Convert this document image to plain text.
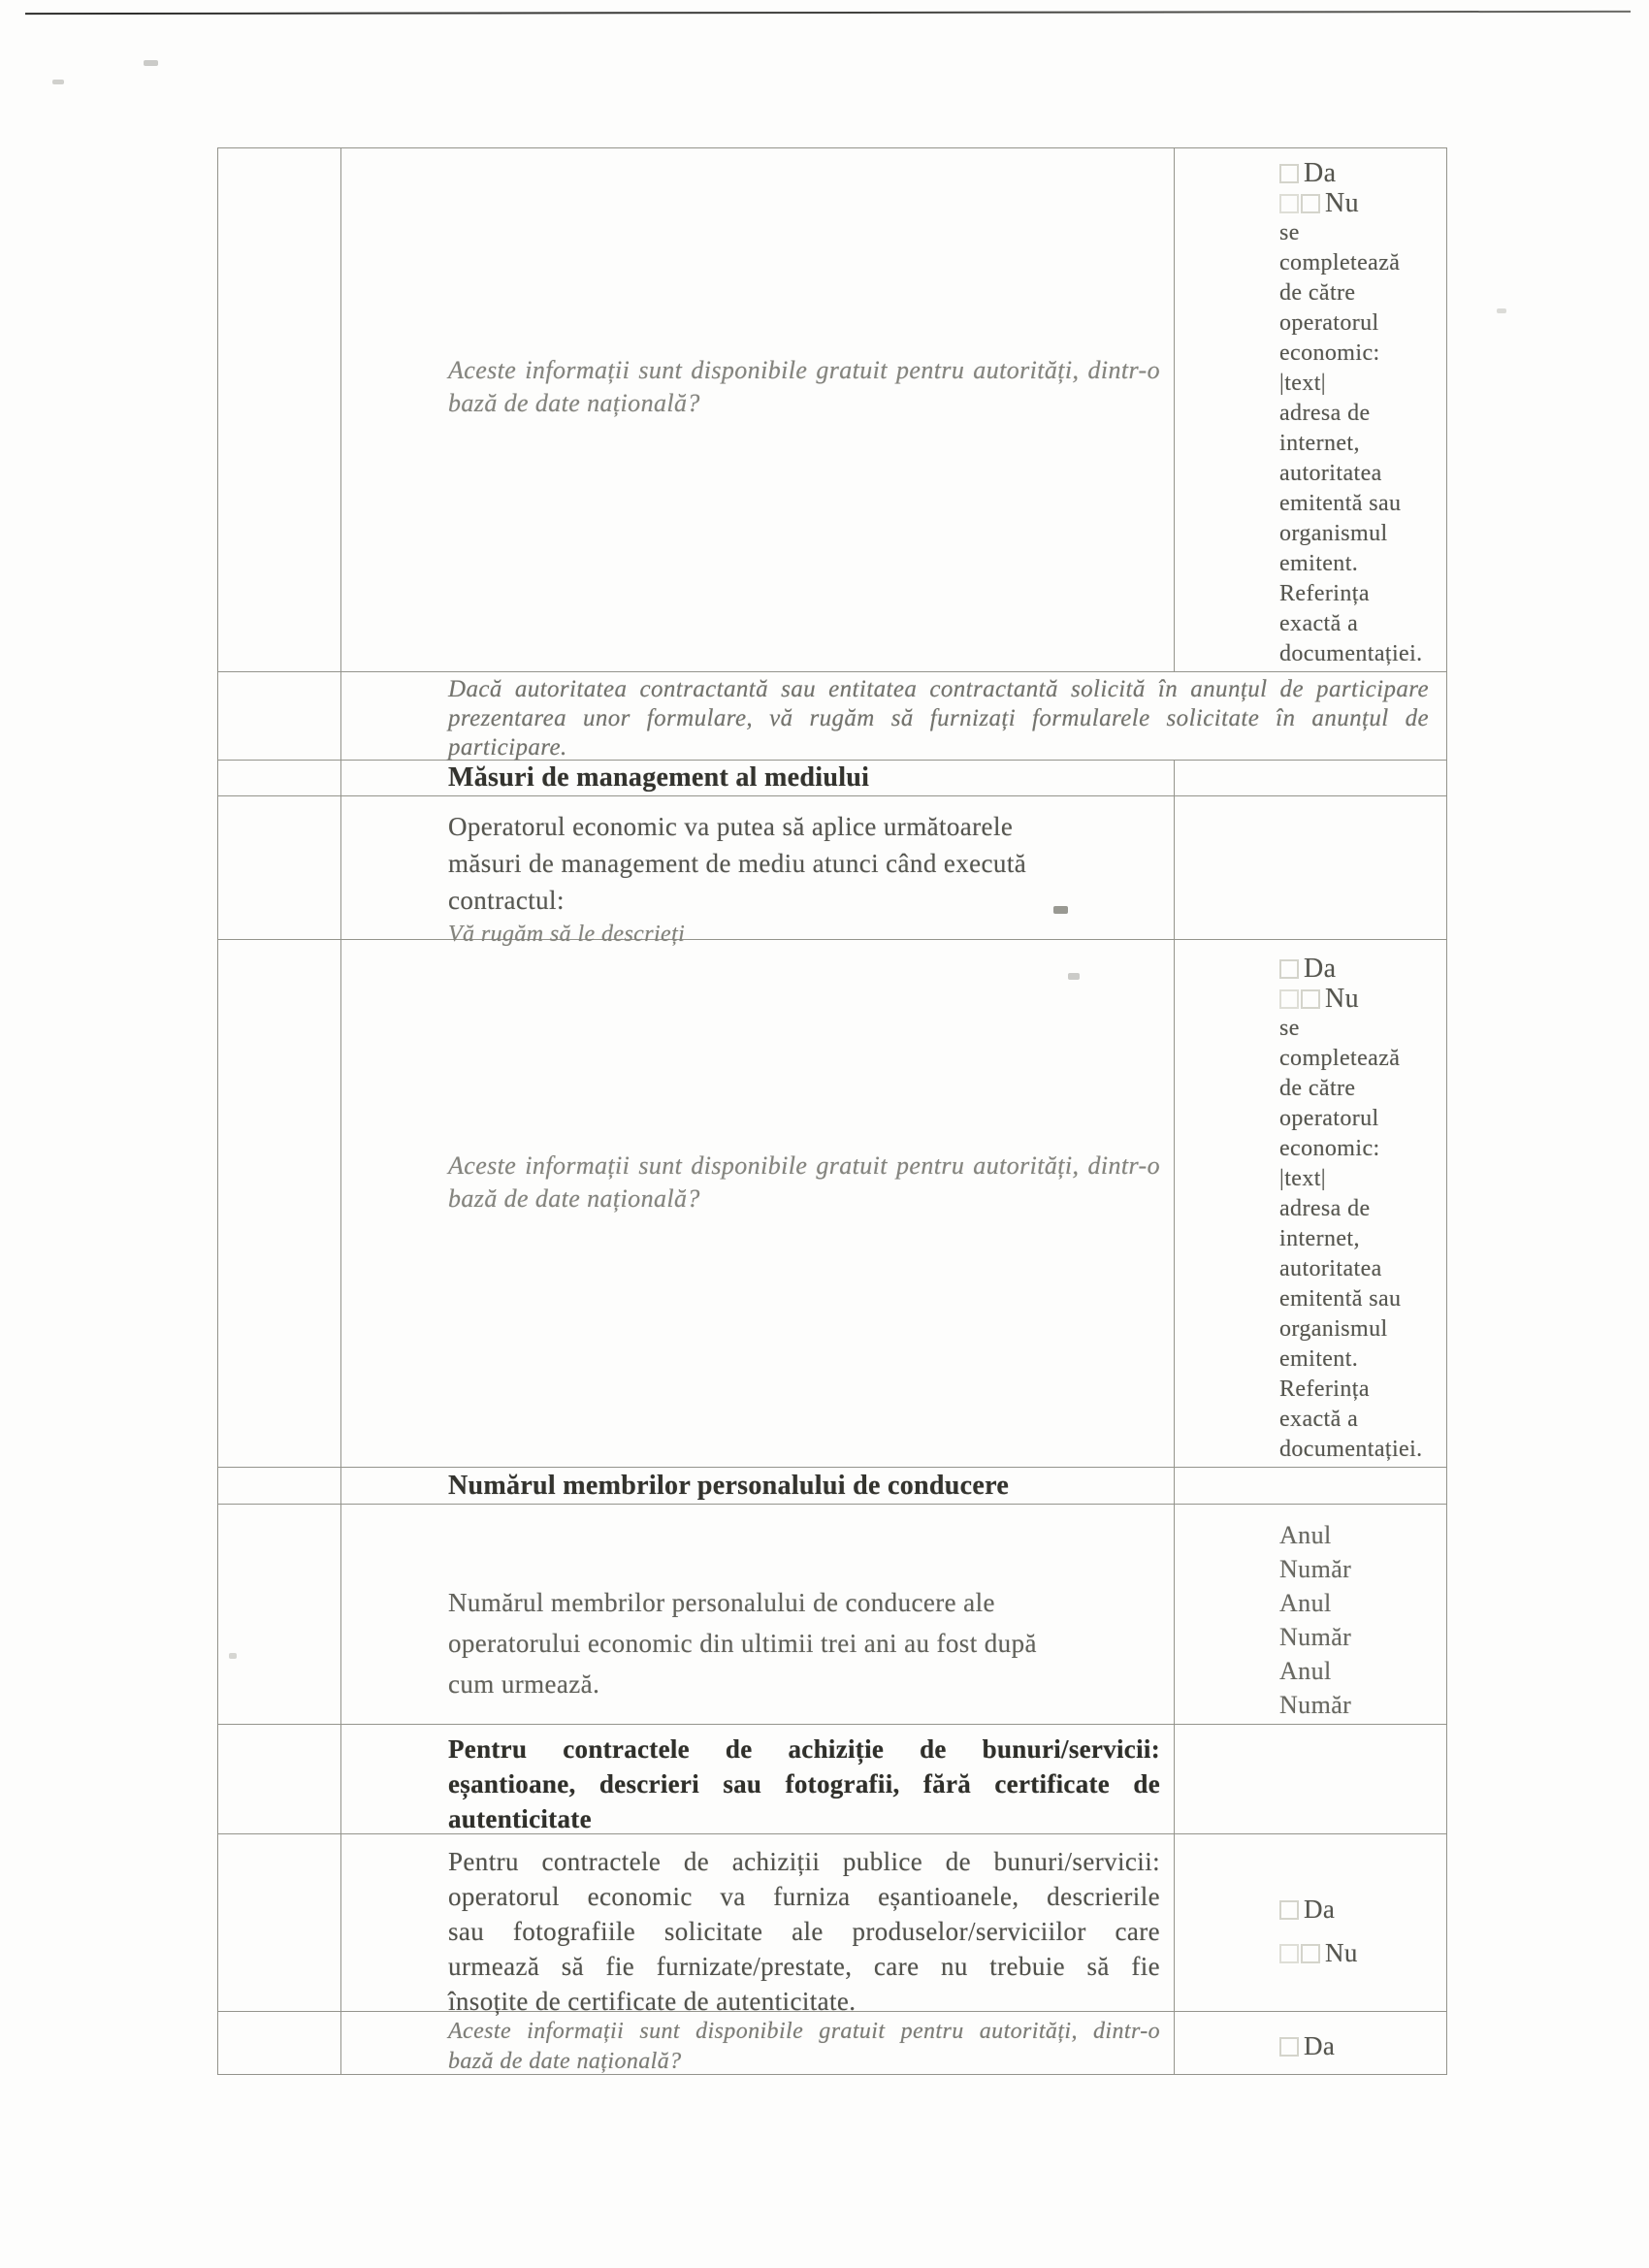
Aceste informații sunt disponibile gratuit pentru autorități, dintr-o
bază de date națională?
Da
Nu
se
completează
de către
operatorul
economic:
|text|
adresa de
internet,
autoritatea
emitentă sau
organismul
emitent.
Referința
exactă a
documentației.
Dacă autoritatea contractantă sau entitatea contractantă solicită în anunțul de participare
prezentarea unor formulare, vă rugăm să furnizați formularele solicitate în anunțul de
participare.
Măsuri de management al mediului
Operatorul economic va putea să aplice următoarele
măsuri de management de mediu atunci când execută
contractul:
Vă rugăm să le descrieți
Aceste informații sunt disponibile gratuit pentru autorități, dintr-o
bază de date națională?
Da
Nu
se
completează
de către
operatorul
economic:
|text|
adresa de
internet,
autoritatea
emitentă sau
organismul
emitent.
Referința
exactă a
documentației.
Numărul membrilor personalului de conducere
Numărul membrilor personalului de conducere ale
operatorului economic din ultimii trei ani au fost după
cum urmează.
Anul
Număr
Anul
Număr
Anul
Număr
Pentru contractele de achiziție de bunuri/servicii:
eșantioane, descrieri sau fotografii, fără certificate de
autenticitate
Pentru contractele de achiziții publice de bunuri/servicii:
operatorul economic va furniza eșantioanele, descrierile
sau fotografiile solicitate ale produselor/serviciilor care
urmează să fie furnizate/prestate, care nu trebuie să fie
însoțite de certificate de autenticitate.
Da
Nu
Aceste informații sunt disponibile gratuit pentru autorități, dintr-o
bază de date națională?
Da
